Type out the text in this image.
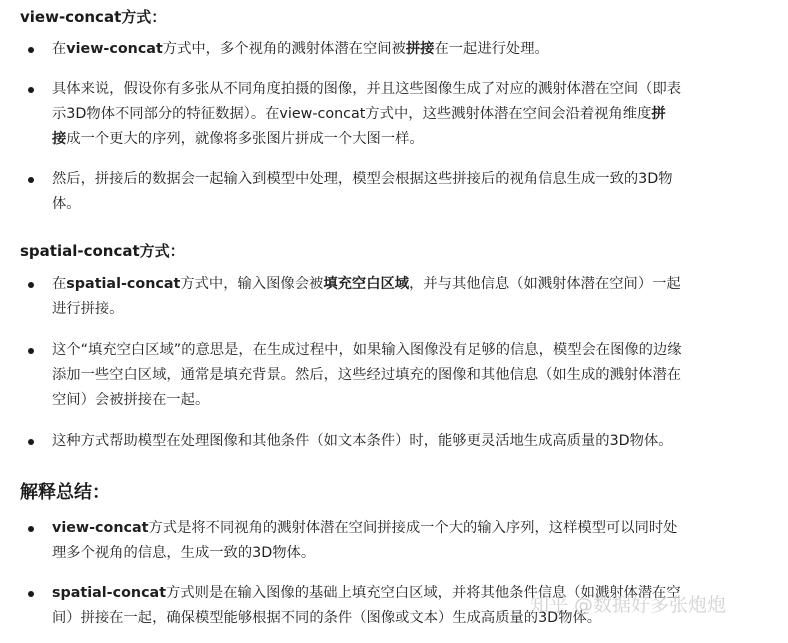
view-concat方式：
在view-concat方式中，多个视角的溅射体潜在空间被拼接在一起进行处理。
具体来说，假设你有多张从不同角度拍摄的图像，并且这些图像生成了对应的溅射体潜在空间（即表
示3D物体不同部分的特征数据）。在view-concat方式中，这些溅射体潜在空间会沿着视角维度拼
接成一个更大的序列，就像将多张图片拼成一个大图一样。
然后，拼接后的数据会一起输入到模型中处理，模型会根据这些拼接后的视角信息生成一致的3D物
体。
spatial-concat方式：
在spatial-concat方式中，输入图像会被填充空白区域，并与其他信息（如溅射体潜在空间）一起
进行拼接。
这个“填充空白区域”的意思是，在生成过程中，如果输入图像没有足够的信息，模型会在图像的边缘
添加一些空白区域，通常是填充背景。然后，这些经过填充的图像和其他信息（如生成的溅射体潜在
空间）会被拼接在一起。
这种方式帮助模型在处理图像和其他条件（如文本条件）时，能够更灵活地生成高质量的3D物体。
解释总结：
view-concat方式是将不同视角的溅射体潜在空间拼接成一个大的输入序列，这样模型可以同时处
理多个视角的信息，生成一致的3D物体。
spatial-concat方式则是在输入图像的基础上填充空白区域，并将其他条件信息（如溅射体潜在空
间）拼接在一起，确保模型能够根据不同的条件（图像或文本）生成高质量的3D物体。
知乎 @数据好多张炮炮
